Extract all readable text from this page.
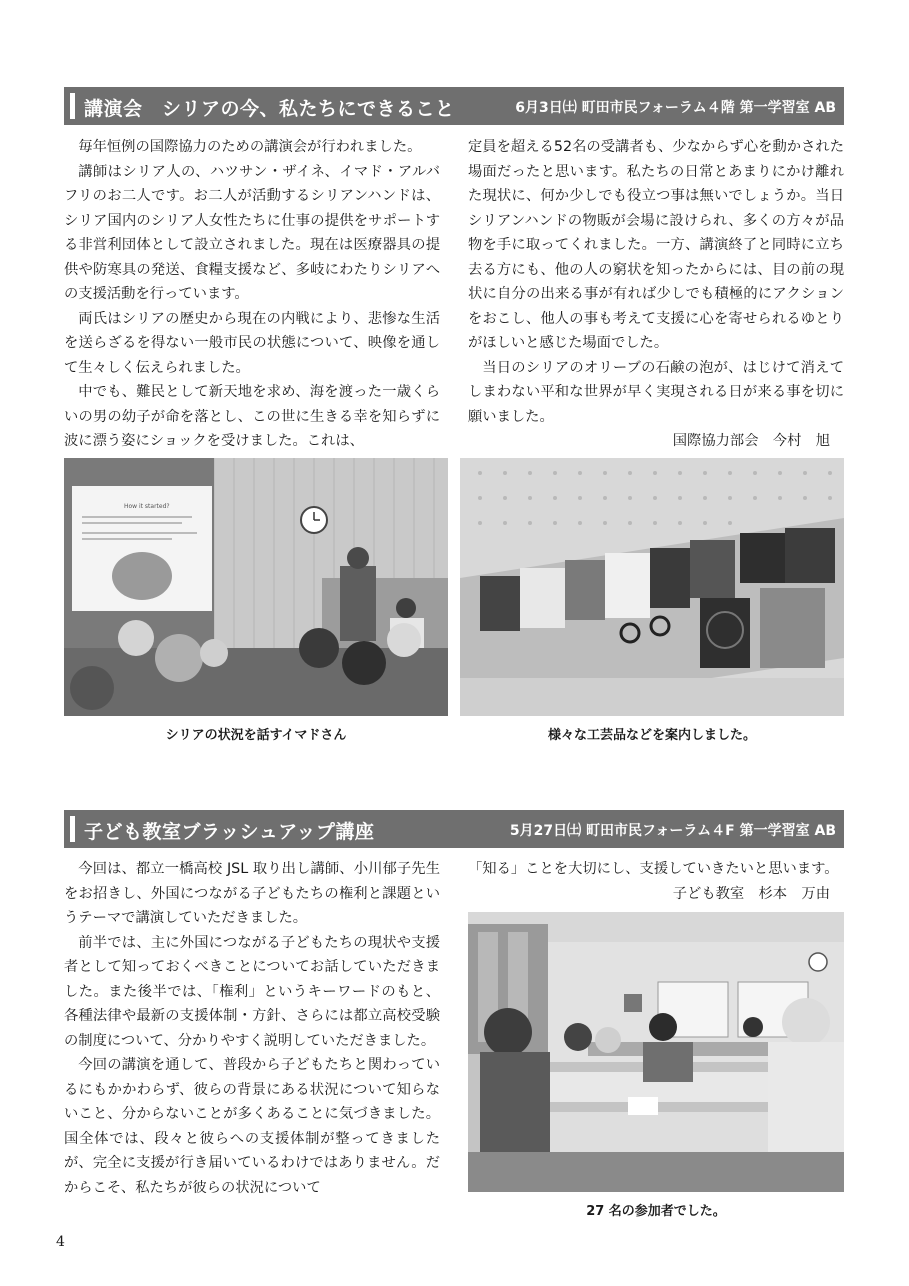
講演会　シリアの今、私たちにできること	6月3日㈯ 町田市民フォーラム４階 第一学習室 AB

毎年恒例の国際協力のための講演会が行われました。

講師はシリア人の、ハツサン・ザイネ、イマド・アルバフリのお二人です。お二人が活動するシリアンハンドは、シリア国内のシリア人女性たちに仕事の提供をサポートする非営利団体として設立されました。現在は医療器具の提供や防寒具の発送、食糧支援など、多岐にわたりシリアへの支援活動を行っています。

両氏はシリアの歴史から現在の内戦により、悲惨な生活を送らざるを得ない一般市民の状態について、映像を通して生々しく伝えられました。

中でも、難民として新天地を求め、海を渡った一歳くらいの男の幼子が命を落とし、この世に生きる幸を知らずに波に漂う姿にショックを受けました。これは、

定員を超える52名の受講者も、少なからず心を動かされた場面だったと思います。私たちの日常とあまりにかけ離れた現状に、何か少しでも役立つ事は無いでしょうか。当日シリアンハンドの物販が会場に設けられ、多くの方々が品物を手に取ってくれました。一方、講演終了と同時に立ち去る方にも、他の人の窮状を知ったからには、目の前の現状に自分の出来る事が有れば少しでも積極的にアクションをおこし、他人の事も考えて支援に心を寄せられるゆとりがほしいと感じた場面でした。

当日のシリアのオリーブの石鹸の泡が、はじけて消えてしまわない平和な世界が早く実現される日が来る事を切に願いました。

国際協力部会　今村　旭

How it started?
シリアの状況を話すイマドさん	様々な工芸品などを案内しました。
子ども教室ブラッシュアップ講座	5月27日㈯ 町田市民フォーラム４F 第一学習室 AB

今回は、都立一橋高校 JSL 取り出し講師、小川郁子先生をお招きし、外国につながる子どもたちの権利と課題というテーマで講演していただきました。

前半では、主に外国につながる子どもたちの現状や支援者として知っておくべきことについてお話していただきました。また後半では、「権利」というキーワードのもと、各種法律や最新の支援体制・方針、さらには都立高校受験の制度について、分かりやすく説明していただきました。

今回の講演を通して、普段から子どもたちと関わっているにもかかわらず、彼らの背景にある状況について知らないこと、分からないことが多くあることに気づきました。国全体では、段々と彼らへの支援体制が整ってきましたが、完全に支援が行き届いているわけではありません。だからこそ、私たちが彼らの状況について

「知る」ことを大切にし、支援していきたいと思います。

子ども教室　杉本　万由

27 名の参加者でした。
4
